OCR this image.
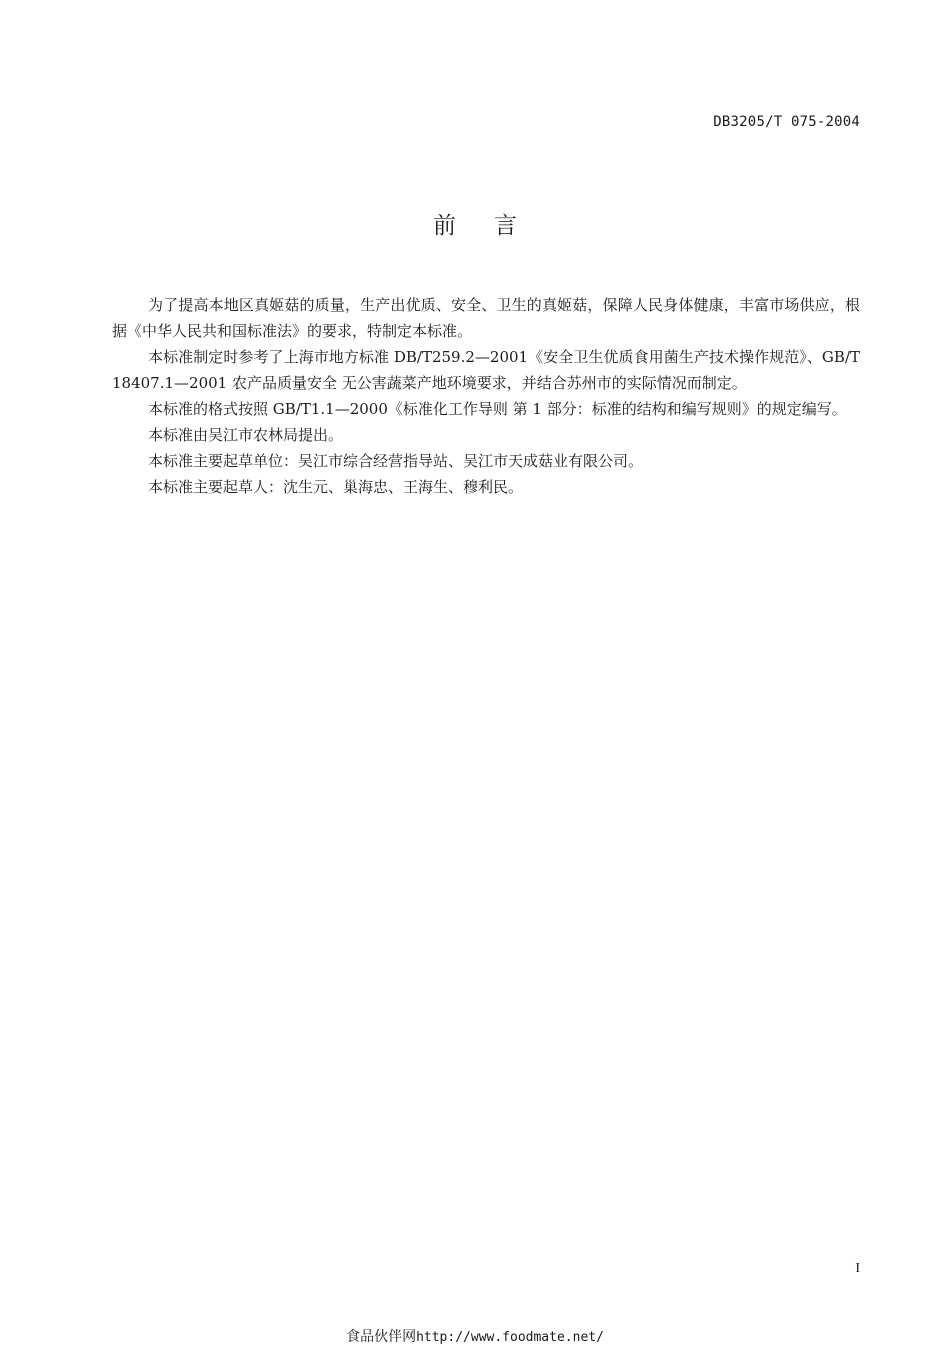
DB3205/T 075-2004
前言

为了提高本地区真姬菇的质量，生产出优质、安全、卫生的真姬菇，保障人民身体健康，丰富市场供应，根据《中华人民共和国标准法》的要求，特制定本标准。

本标准制定时参考了上海市地方标准 DB/T259.2—2001《安全卫生优质食用菌生产技术操作规范》、GB/T 18407.1—2001 农产品质量安全 无公害蔬菜产地环境要求，并结合苏州市的实际情况而制定。

本标准的格式按照 GB/T1.1—2000《标准化工作导则 第 1 部分：标准的结构和编写规则》的规定编写。

本标准由吴江市农林局提出。

本标准主要起草单位：吴江市综合经营指导站、吴江市天成菇业有限公司。

本标准主要起草人：沈生元、巢海忠、王海生、穆利民。

I
食品伙伴网http://www.foodmate.net/
